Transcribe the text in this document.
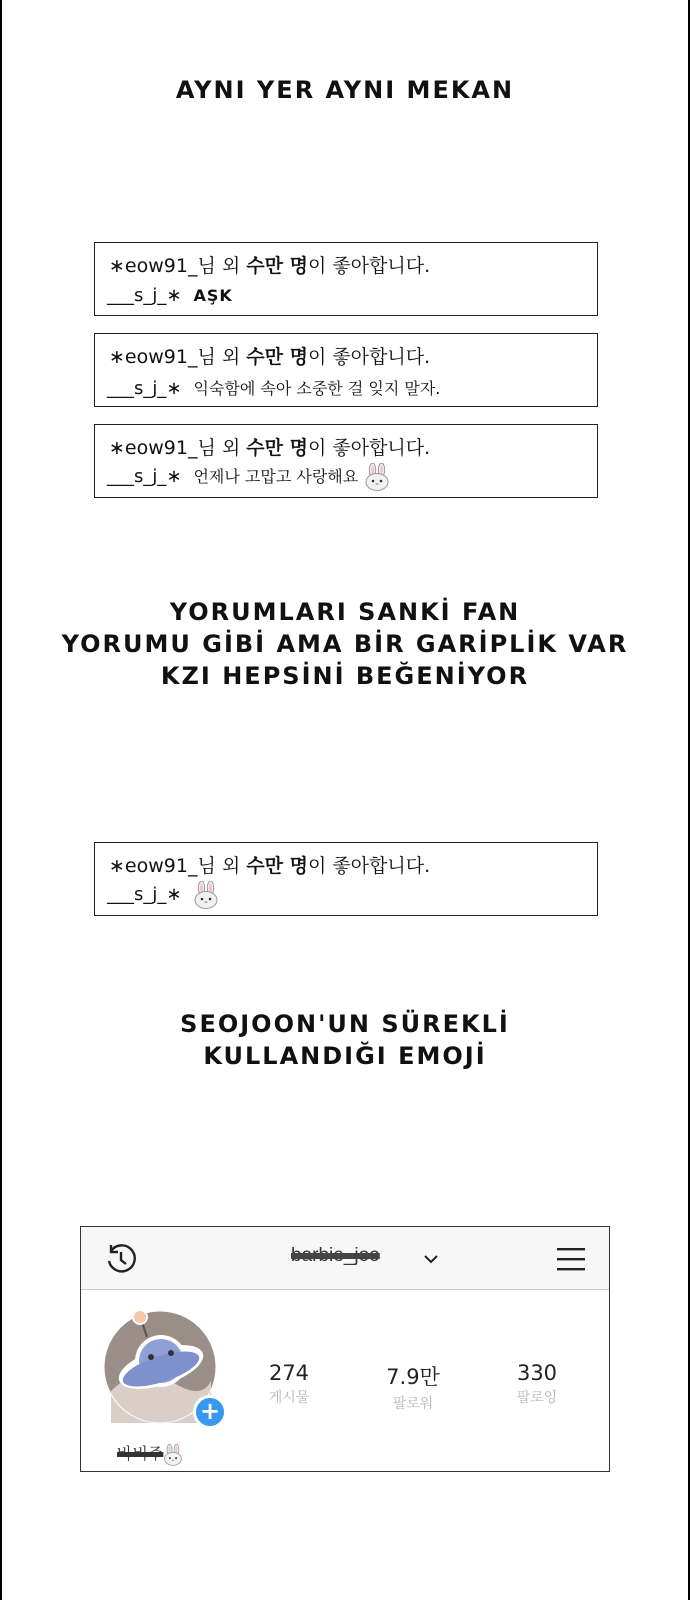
AYNI YER AYNI MEKAN
∗eow91_님 외 수만 명이 좋아합니다.
___s_j_∗ AŞK
∗eow91_님 외 수만 명이 좋아합니다.
___s_j_∗ 익숙함에 속아 소중한 걸 잊지 말자.
∗eow91_님 외 수만 명이 좋아합니다.
___s_j_∗ 언제나 고맙고 사랑해요
YORUMLARI SANKİ FAN
YORUMU GİBİ AMA BİR GARİPLİK VAR
KZI HEPSİNİ BEĞENİYOR
∗eow91_님 외 수만 명이 좋아합니다.
___s_j_∗
SEOJOON'UN SÜREKLİ
KULLANDIĞI EMOJİ
barbie_joo
+
274
게시물
7.9만
팔로워
330
팔로잉
바비주
